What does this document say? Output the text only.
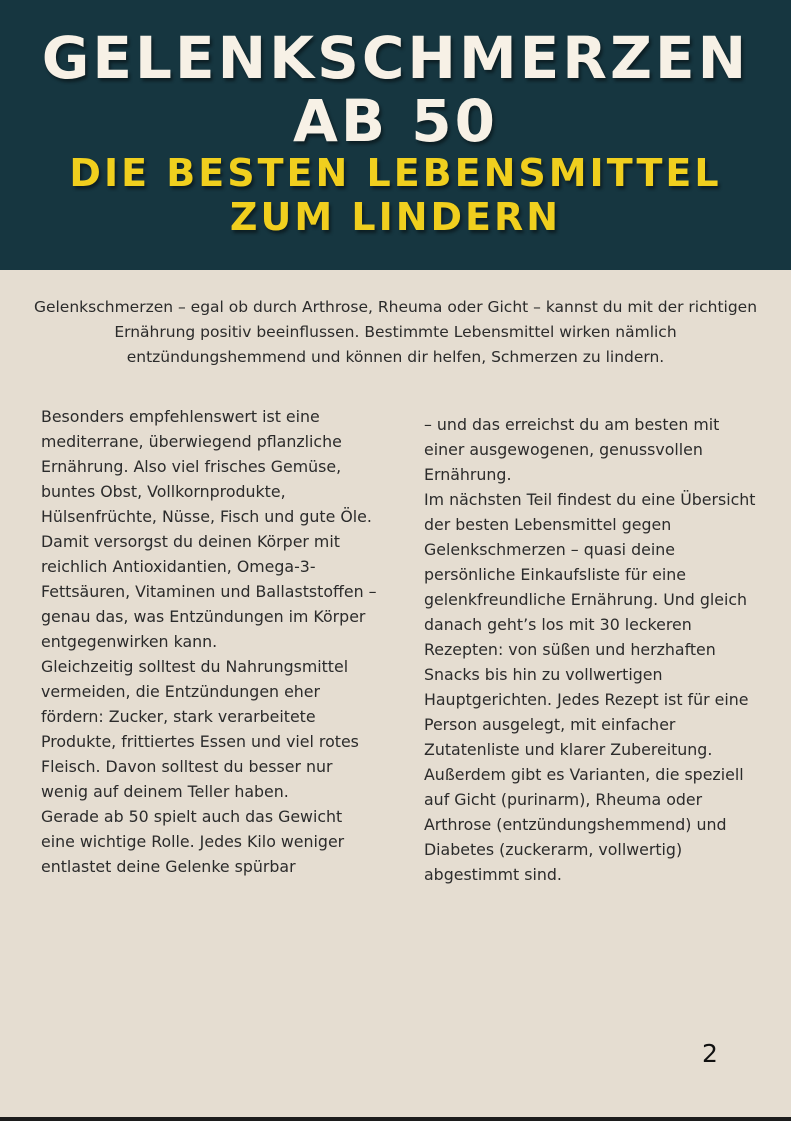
GELENKSCHMERZEN
AB 50
DIE BESTEN LEBENSMITTEL
ZUM LINDERN
Gelenkschmerzen – egal ob durch Arthrose, Rheuma oder Gicht – kannst du mit der richtigen Ernährung positiv beeinflussen. Bestimmte Lebensmittel wirken nämlich entzündungshemmend und können dir helfen, Schmerzen zu lindern.

Besonders empfehlenswert ist eine mediterrane, überwiegend pflanzliche Ernährung. Also viel frisches Gemüse, buntes Obst, Vollkornprodukte, Hülsenfrüchte, Nüsse, Fisch und gute Öle. Damit versorgst du deinen Körper mit reichlich Antioxidantien, Omega-3-Fettsäuren, Vitaminen und Ballaststoffen – genau das, was Entzündungen im Körper entgegenwirken kann.

Gleichzeitig solltest du Nahrungsmittel vermeiden, die Entzündungen eher fördern: Zucker, stark verarbeitete Produkte, frittiertes Essen und viel rotes Fleisch. Davon solltest du besser nur wenig auf deinem Teller haben.

Gerade ab 50 spielt auch das Gewicht eine wichtige Rolle. Jedes Kilo weniger entlastet deine Gelenke spürbar

– und das erreichst du am besten mit einer ausgewogenen, genussvollen Ernährung.

Im nächsten Teil findest du eine Übersicht der besten Lebensmittel gegen Gelenkschmerzen – quasi deine persönliche Einkaufsliste für eine gelenkfreundliche Ernährung. Und gleich danach geht’s los mit 30 leckeren Rezepten: von süßen und herzhaften Snacks bis hin zu vollwertigen Hauptgerichten. Jedes Rezept ist für eine Person ausgelegt, mit einfacher Zutatenliste und klarer Zubereitung. Außerdem gibt es Varianten, die speziell auf Gicht (purinarm), Rheuma oder Arthrose (entzündungshemmend) und Diabetes (zuckerarm, vollwertig) abgestimmt sind.

2
